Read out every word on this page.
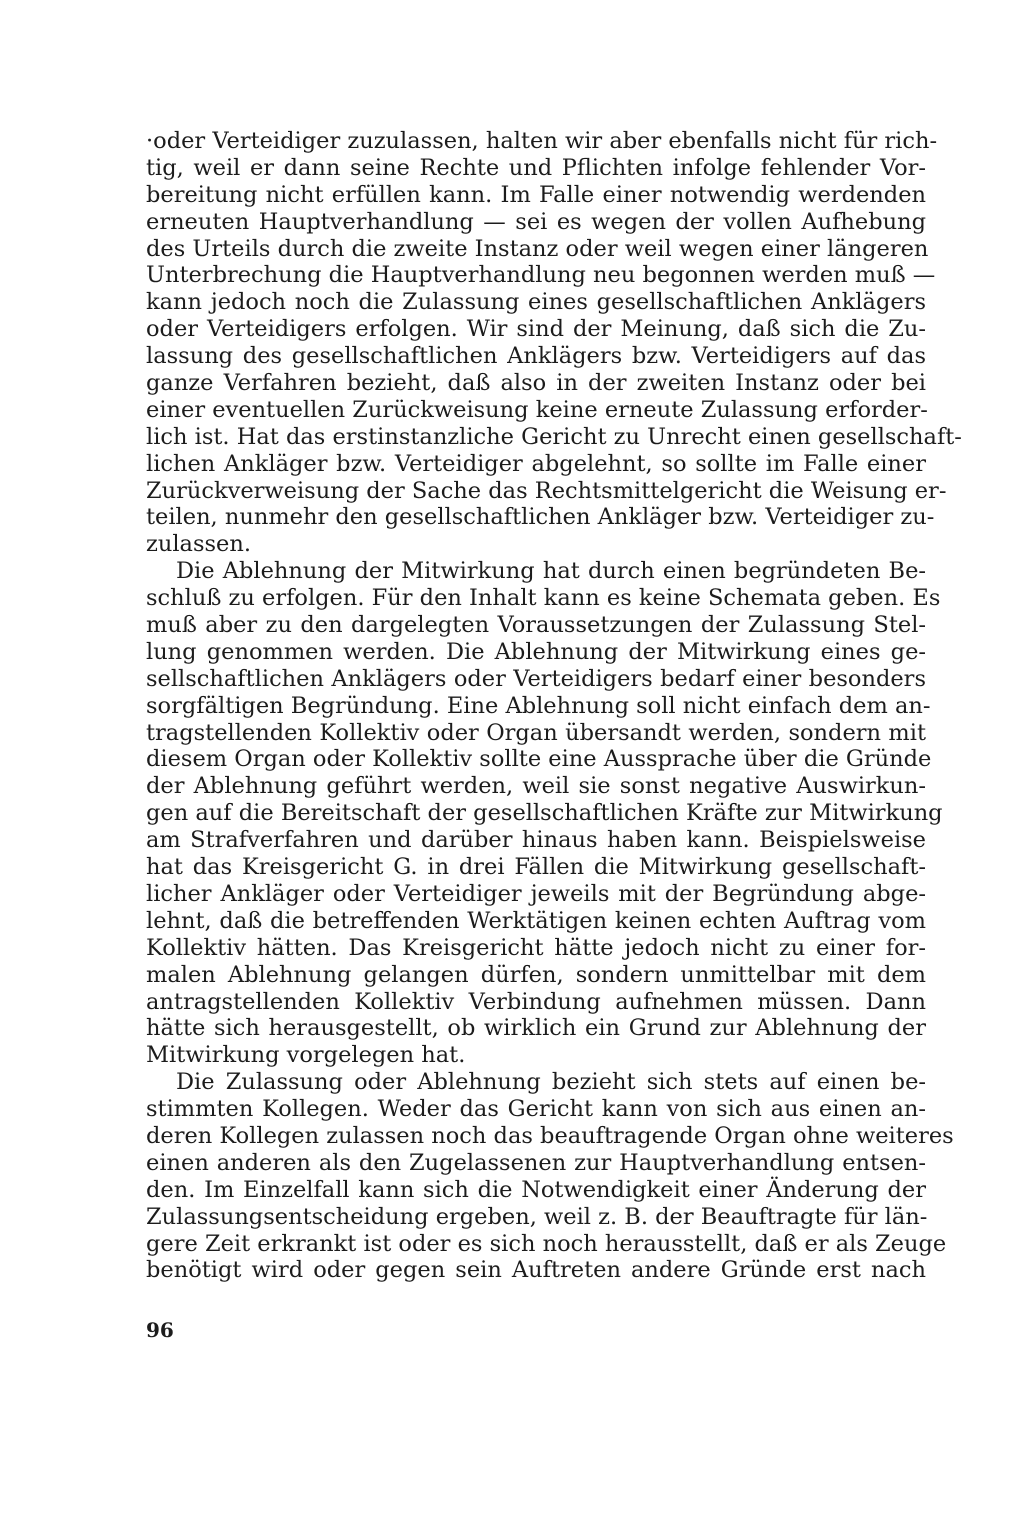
·oder Verteidiger zuzulassen, halten wir aber ebenfalls nicht für rich-
tig, weil er dann seine Rechte und Pflichten infolge fehlender Vor-
bereitung nicht erfüllen kann. Im Falle einer notwendig werdenden
erneuten Hauptverhandlung — sei es wegen der vollen Aufhebung
des Urteils durch die zweite Instanz oder weil wegen einer längeren
Unterbrechung die Hauptverhandlung neu begonnen werden muß —
kann jedoch noch die Zulassung eines gesellschaftlichen Anklägers
oder Verteidigers erfolgen. Wir sind der Meinung, daß sich die Zu-
lassung des gesellschaftlichen Anklägers bzw. Verteidigers auf das
ganze Verfahren bezieht, daß also in der zweiten Instanz oder bei
einer eventuellen Zurückweisung keine erneute Zulassung erforder-
lich ist. Hat das erstinstanzliche Gericht zu Unrecht einen gesellschaft-
lichen Ankläger bzw. Verteidiger abgelehnt, so sollte im Falle einer
Zurückverweisung der Sache das Rechtsmittelgericht die Weisung er-
teilen, nunmehr den gesellschaftlichen Ankläger bzw. Verteidiger zu-
zulassen.
Die Ablehnung der Mitwirkung hat durch einen begründeten Be-
schluß zu erfolgen. Für den Inhalt kann es keine Schemata geben. Es
muß aber zu den dargelegten Voraussetzungen der Zulassung Stel-
lung genommen werden. Die Ablehnung der Mitwirkung eines ge-
sellschaftlichen Anklägers oder Verteidigers bedarf einer besonders
sorgfältigen Begründung. Eine Ablehnung soll nicht einfach dem an-
tragstellenden Kollektiv oder Organ übersandt werden, sondern mit
diesem Organ oder Kollektiv sollte eine Aussprache über die Gründe
der Ablehnung geführt werden, weil sie sonst negative Auswirkun-
gen auf die Bereitschaft der gesellschaftlichen Kräfte zur Mitwirkung
am Strafverfahren und darüber hinaus haben kann. Beispielsweise
hat das Kreisgericht G. in drei Fällen die Mitwirkung gesellschaft-
licher Ankläger oder Verteidiger jeweils mit der Begründung abge-
lehnt, daß die betreffenden Werktätigen keinen echten Auftrag vom
Kollektiv hätten. Das Kreisgericht hätte jedoch nicht zu einer for-
malen Ablehnung gelangen dürfen, sondern unmittelbar mit dem
antragstellenden Kollektiv Verbindung aufnehmen müssen. Dann
hätte sich herausgestellt, ob wirklich ein Grund zur Ablehnung der
Mitwirkung vorgelegen hat.
Die Zulassung oder Ablehnung bezieht sich stets auf einen be-
stimmten Kollegen. Weder das Gericht kann von sich aus einen an-
deren Kollegen zulassen noch das beauftragende Organ ohne weiteres
einen anderen als den Zugelassenen zur Hauptverhandlung entsen-
den. Im Einzelfall kann sich die Notwendigkeit einer Änderung der
Zulassungsentscheidung ergeben, weil z. B. der Beauftragte für län-
gere Zeit erkrankt ist oder es sich noch herausstellt, daß er als Zeuge
benötigt wird oder gegen sein Auftreten andere Gründe erst nach
96
